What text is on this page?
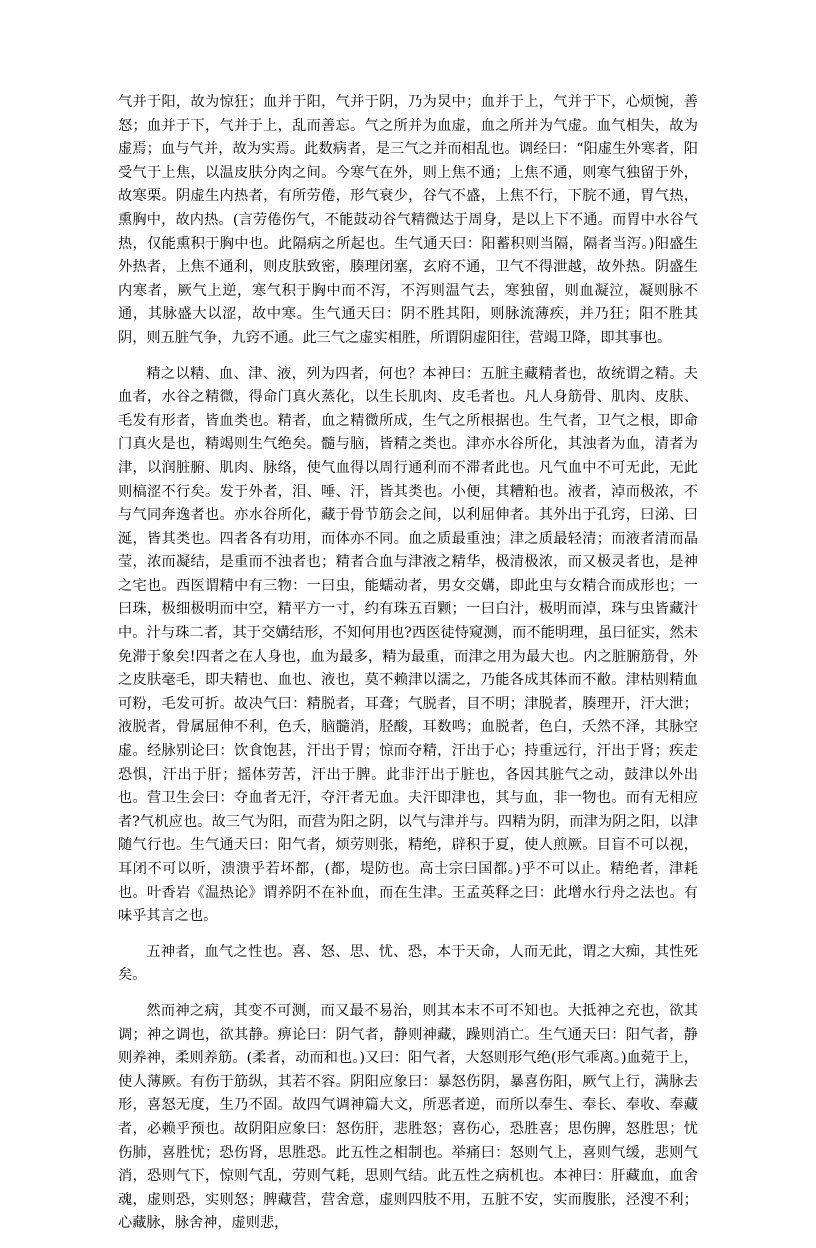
气并于阳，故为惊狂；血并于阳，气并于阴，乃为炅中；血并于上，气并于下，心烦惋，善怒；血并于下，气并于上，乱而善忘。气之所并为血虚，血之所并为气虚。血气相失，故为虚焉；血与气并，故为实焉。此数病者，是三气之并而相乱也。调经曰：“阳虚生外寒者，阳受气于上焦，以温皮肤分肉之间。今寒气在外，则上焦不通；上焦不通，则寒气独留于外，故寒栗。阴虚生内热者，有所劳倦，形气衰少，谷气不盛，上焦不行，下脘不通，胃气热，熏胸中，故内热。(言劳倦伤气，不能鼓动谷气精微达于周身，是以上下不通。而胃中水谷气热，仅能熏积于胸中也。此隔病之所起也。生气通天曰：阳蓄积则当隔，隔者当泻。)阳盛生外热者，上焦不通利，则皮肤致密，腠理闭塞，玄府不通，卫气不得泄越，故外热。阴盛生内寒者，厥气上逆，寒气积于胸中而不泻，不泻则温气去，寒独留，则血凝泣，凝则脉不通，其脉盛大以涩，故中寒。生气通天曰：阴不胜其阳，则脉流薄疾，并乃狂；阳不胜其阴，则五脏气争，九窍不通。此三气之虚实相胜，所谓阴虚阳往，营竭卫降，即其事也。

精之以精、血、津、液，列为四者，何也？本神曰：五脏主藏精者也，故统谓之精。夫血者，水谷之精微，得命门真火蒸化，以生长肌肉、皮毛者也。凡人身筋骨、肌肉、皮肤、毛发有形者，皆血类也。精者，血之精微所成，生气之所根据也。生气者，卫气之根，即命门真火是也，精竭则生气绝矣。髓与脑，皆精之类也。津亦水谷所化，其浊者为血，清者为津，以润脏腑、肌肉、脉络，使气血得以周行通利而不滞者此也。凡气血中不可无此，无此则槁涩不行矣。发于外者，泪、唾、汗，皆其类也。小便，其糟粕也。液者，淖而极浓，不与气同奔逸者也。亦水谷所化，藏于骨节筋会之间，以利屈伸者。其外出于孔窍，曰涕、曰涎，皆其类也。四者各有功用，而体亦不同。血之质最重浊；津之质最轻清；而液者清而晶莹，浓而凝结，是重而不浊者也；精者合血与津液之精华，极清极浓，而又极灵者也，是神之宅也。西医谓精中有三物：一曰虫，能蠕动者，男女交媾，即此虫与女精合而成形也；一曰珠，极细极明而中空，精平方一寸，约有珠五百颗；一曰白汁，极明而淖，珠与虫皆藏汁中。汁与珠二者，其于交媾结形，不知何用也?西医徒恃窥测，而不能明理，虽曰征实，然未免滞于象矣!四者之在人身也，血为最多，精为最重，而津之用为最大也。内之脏腑筋骨，外之皮肤毫毛，即夫精也、血也、液也，莫不赖津以濡之，乃能各成其体而不敝。津枯则精血可粉，毛发可折。故决气曰：精脱者，耳聋；气脱者，目不明；津脱者，腠理开，汗大泄；液脱者，骨属屈伸不利，色夭，脑髓消，胫酸，耳数鸣；血脱者，色白，夭然不泽，其脉空虚。经脉别论曰：饮食饱甚，汗出于胃；惊而夺精，汗出于心；持重远行，汗出于肾；疾走恐惧，汗出于肝；摇体劳苦，汗出于脾。此非汗出于脏也，各因其脏气之动，鼓津以外出也。营卫生会曰：夺血者无汗，夺汗者无血。夫汗即津也，其与血，非一物也。而有无相应者?气机应也。故三气为阳，而营为阳之阴，以气与津并与。四精为阴，而津为阴之阳，以津随气行也。生气通天曰：阳气者，烦劳则张，精绝，辟积于夏，使人煎厥。目盲不可以视，耳闭不可以听，溃溃乎若坏都，(都，堤防也。高士宗曰国都。)乎不可以止。精绝者，津耗也。叶香岩《温热论》谓养阴不在补血，而在生津。王孟英释之曰：此增水行舟之法也。有味乎其言之也。

五神者，血气之性也。喜、怒、思、忧、恐，本于天命，人而无此，谓之大痴，其性死矣。

然而神之病，其变不可测，而又最不易治，则其本末不可不知也。大抵神之充也，欲其调；神之调也，欲其静。痹论曰：阴气者，静则神藏，躁则消亡。生气通天曰：阳气者，静则养神，柔则养筋。(柔者，动而和也。)又曰：阳气者，大怒则形气绝(形气乖离。)血菀于上，使人薄厥。有伤于筋纵，其若不容。阴阳应象曰：暴怒伤阴，暴喜伤阳，厥气上行，满脉去形，喜怒无度，生乃不固。故四气调神篇大文，所恶者逆，而所以奉生、奉长、奉收、奉藏者，必赖乎预也。故阴阳应象曰：怒伤肝，悲胜怒；喜伤心，恐胜喜；思伤脾，怒胜思；忧伤肺，喜胜忧；恐伤肾，思胜恐。此五性之相制也。举痛曰：怒则气上，喜则气缓，悲则气消，恐则气下，惊则气乱，劳则气耗，思则气结。此五性之病机也。本神曰：肝藏血，血舍魂，虚则恐，实则怒；脾藏营，营舍意，虚则四肢不用，五脏不安，实而腹胀，泾溲不利；心藏脉，脉舍神，虚则悲，
